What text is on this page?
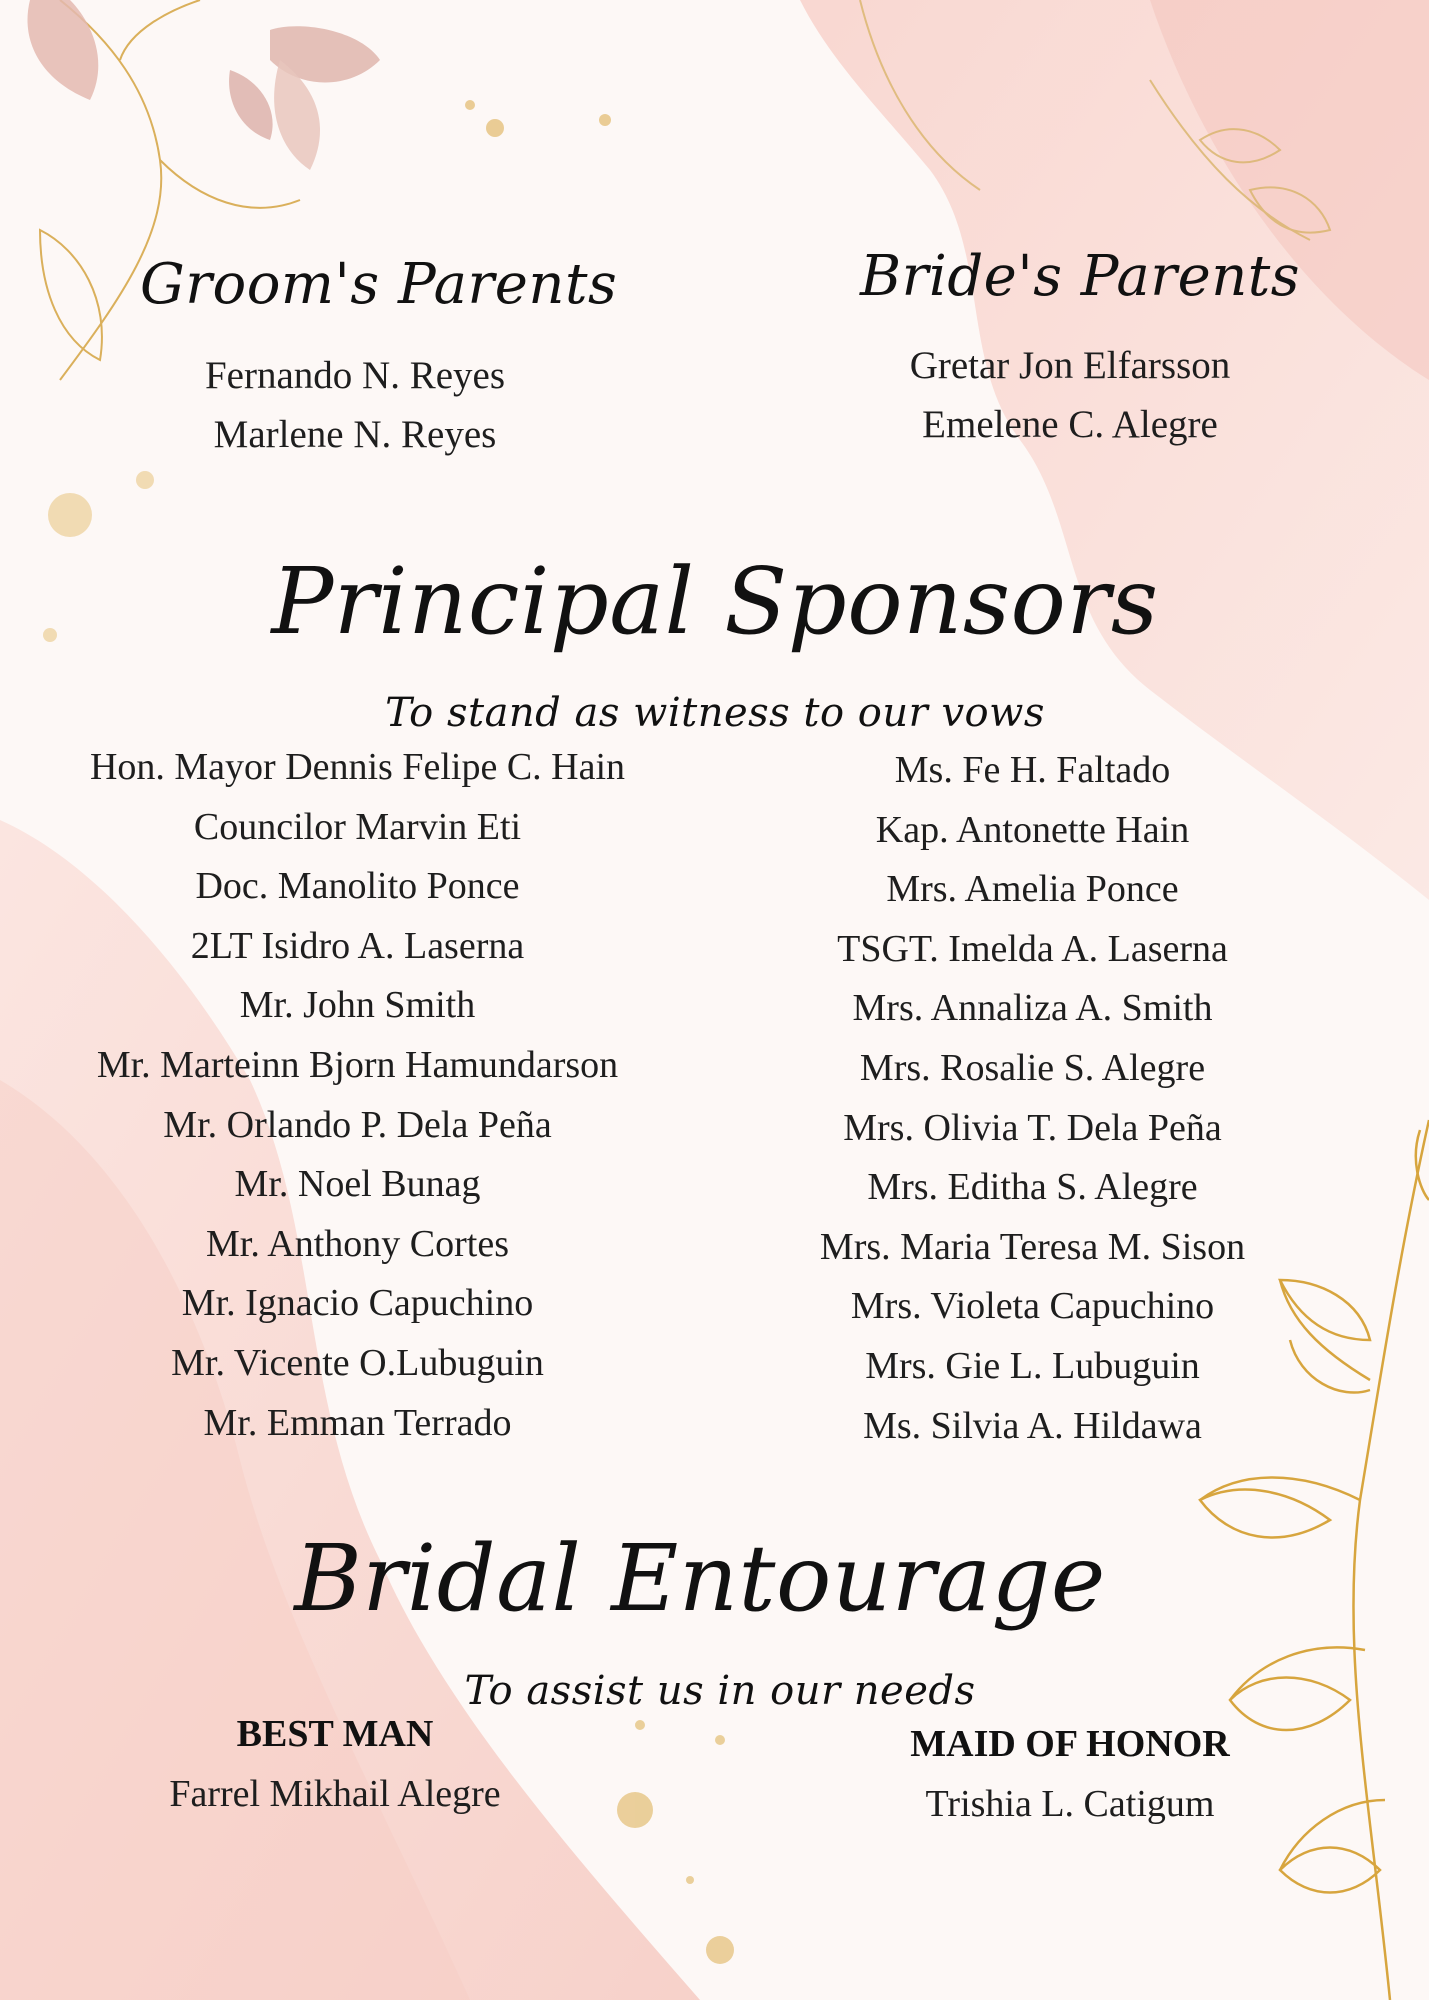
Groom's Parents
Fernando N. Reyes
Marlene N. Reyes
Bride's Parents
Gretar Jon Elfarsson
Emelene C. Alegre
Principal Sponsors
To stand as witness to our vows
Hon. Mayor Dennis Felipe C. Hain
Councilor Marvin Eti
Doc. Manolito Ponce
2LT Isidro A. Laserna
Mr. John Smith
Mr. Marteinn Bjorn Hamundarson
Mr. Orlando P. Dela Peña
Mr. Noel Bunag
Mr. Anthony Cortes
Mr. Ignacio Capuchino
Mr. Vicente O.Lubuguin
Mr. Emman Terrado
Ms. Fe H. Faltado
Kap. Antonette Hain
Mrs. Amelia Ponce
TSGT. Imelda A. Laserna
Mrs. Annaliza A. Smith
Mrs. Rosalie S. Alegre
Mrs. Olivia T. Dela Peña
Mrs. Editha S. Alegre
Mrs. Maria Teresa M. Sison
Mrs. Violeta Capuchino
Mrs. Gie L. Lubuguin
Ms. Silvia A. Hildawa
Bridal Entourage
To assist us in our needs
BEST MAN
Farrel Mikhail Alegre
MAID OF HONOR
Trishia L. Catigum
